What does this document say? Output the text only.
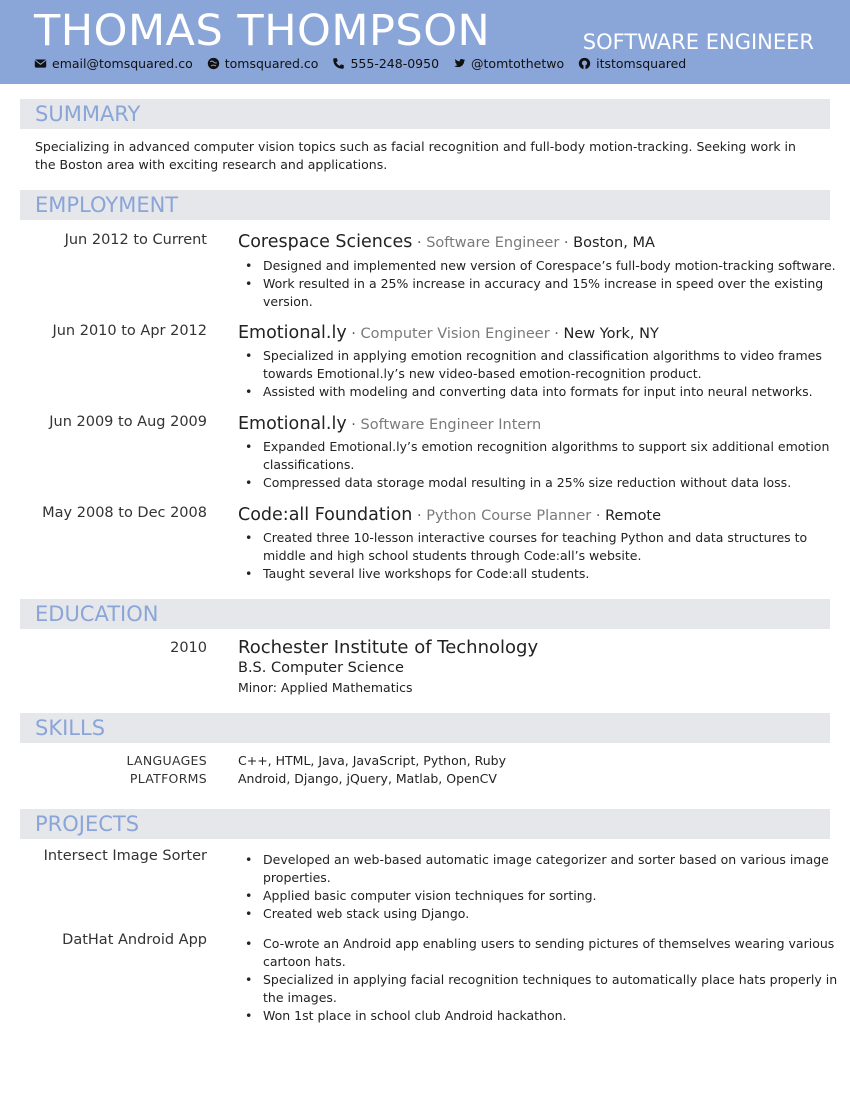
THOMAS THOMPSON	SOFTWARE ENGINEER
email@tomsquared.co	tomsquared.co	555-248-0950	@tomtothetwo	itstomsquared
SUMMARY
Specializing in advanced computer vision topics such as facial recognition and full-body motion-tracking. Seeking work in the Boston area with exciting research and applications.
EMPLOYMENT
Jun 2012 to Current Corespace Sciences · Software Engineer · Boston, MA
• Designed and implemented new version of Corespace’s full-body motion-tracking software.
• Work resulted in a 25% increase in accuracy and 15% increase in speed over the existing version.
Jun 2010 to Apr 2012 Emotional.ly · Computer Vision Engineer · New York, NY
• Specialized in applying emotion recognition and classification algorithms to video frames towards Emotional.ly’s new video-based emotion-recognition product.
• Assisted with modeling and converting data into formats for input into neural networks.
Jun 2009 to Aug 2009 Emotional.ly · Software Engineer Intern
• Expanded Emotional.ly’s emotion recognition algorithms to support six additional emotion classifications.
• Compressed data storage modal resulting in a 25% size reduction without data loss.
May 2008 to Dec 2008 Code:all Foundation · Python Course Planner · Remote
• Created three 10-lesson interactive courses for teaching Python and data structures to middle and high school students through Code:all’s website.
• Taught several live workshops for Code:all students.
EDUCATION
2010 Rochester Institute of Technology
B.S. Computer Science
Minor: Applied Mathematics
SKILLS
LANGUAGES C++, HTML, Java, JavaScript, Python, Ruby
PLATFORMS Android, Django, jQuery, Matlab, OpenCV
PROJECTS
Intersect Image Sorter	• Developed an web-based automatic image categorizer and sorter based on various image properties.
• Applied basic computer vision techniques for sorting.
• Created web stack using Django.
DatHat Android App	• Co-wrote an Android app enabling users to sending pictures of themselves wearing various cartoon hats.
• Specialized in applying facial recognition techniques to automatically place hats properly in the images.
• Won 1st place in school club Android hackathon.
